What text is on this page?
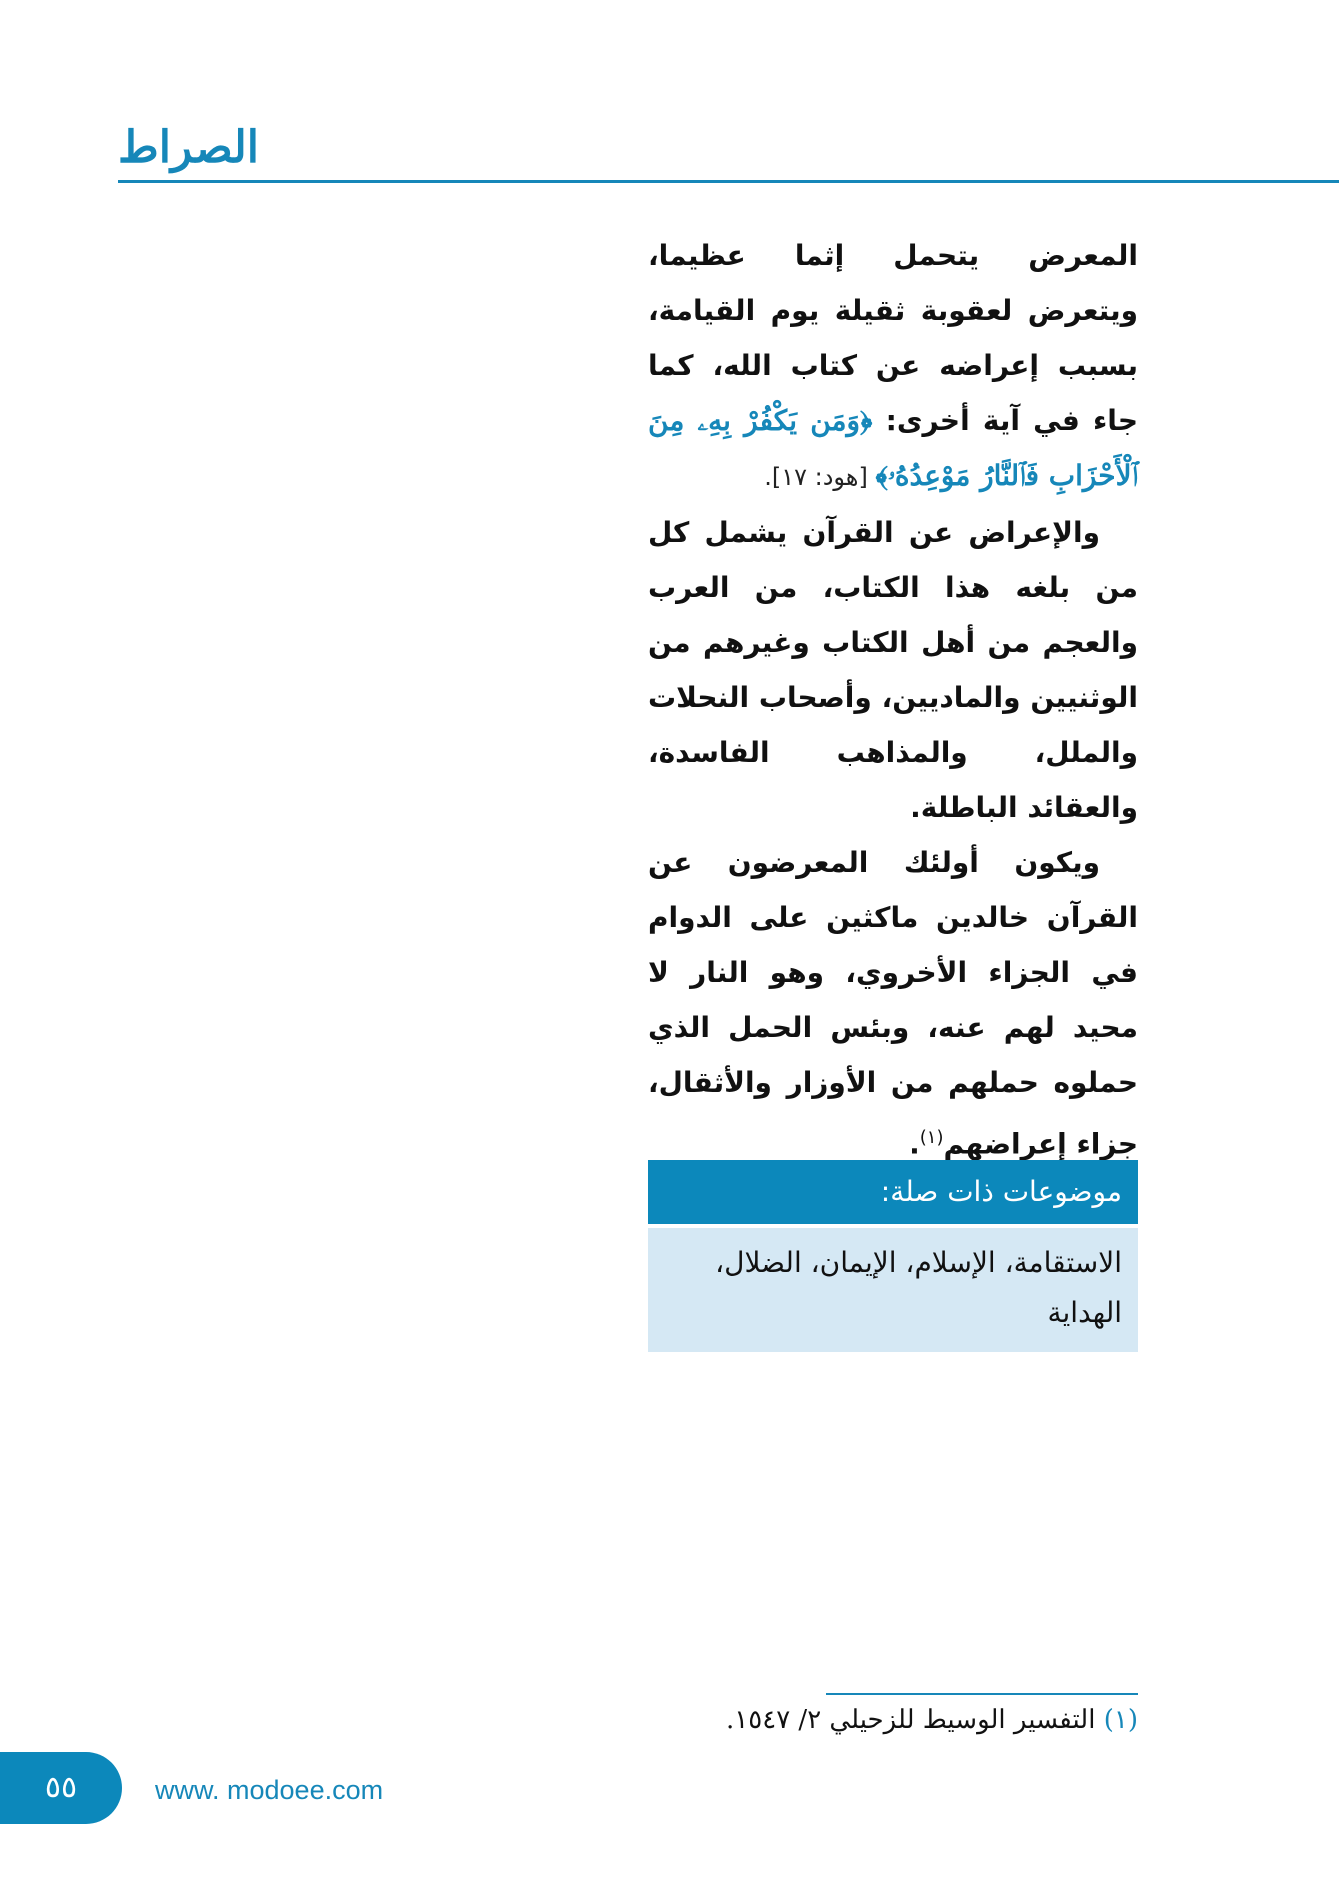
الصراط

المعرض يتحمل إثما عظيما، ويتعرض لعقوبة ثقيلة يوم القيامة، بسبب إعراضه عن كتاب الله، كما جاء في آية أخرى: ﴿وَمَن يَكْفُرْ بِهِۦ مِنَ ٱلْأَحْزَابِ فَٱلنَّارُ مَوْعِدُهُۥ﴾ [هود: ١٧].

والإعراض عن القرآن يشمل كل من بلغه هذا الكتاب، من العرب والعجم من أهل الكتاب وغيرهم من الوثنيين والماديين، وأصحاب النحلات والملل، والمذاهب الفاسدة، والعقائد الباطلة.

ويكون أولئك المعرضون عن القرآن خالدين ماكثين على الدوام في الجزاء الأخروي، وهو النار لا محيد لهم عنه، وبئس الحمل الذي حملوه حملهم من الأوزار والأثقال، جزاء إعراضهم$^{(١)}$.

موضوعات ذات صلة:
الاستقامة، الإسلام، الإيمان، الضلال، الهداية
(١) التفسير الوسيط للزحيلي ٢/ ١٥٤٧.
٥٥	www. modoee.com
